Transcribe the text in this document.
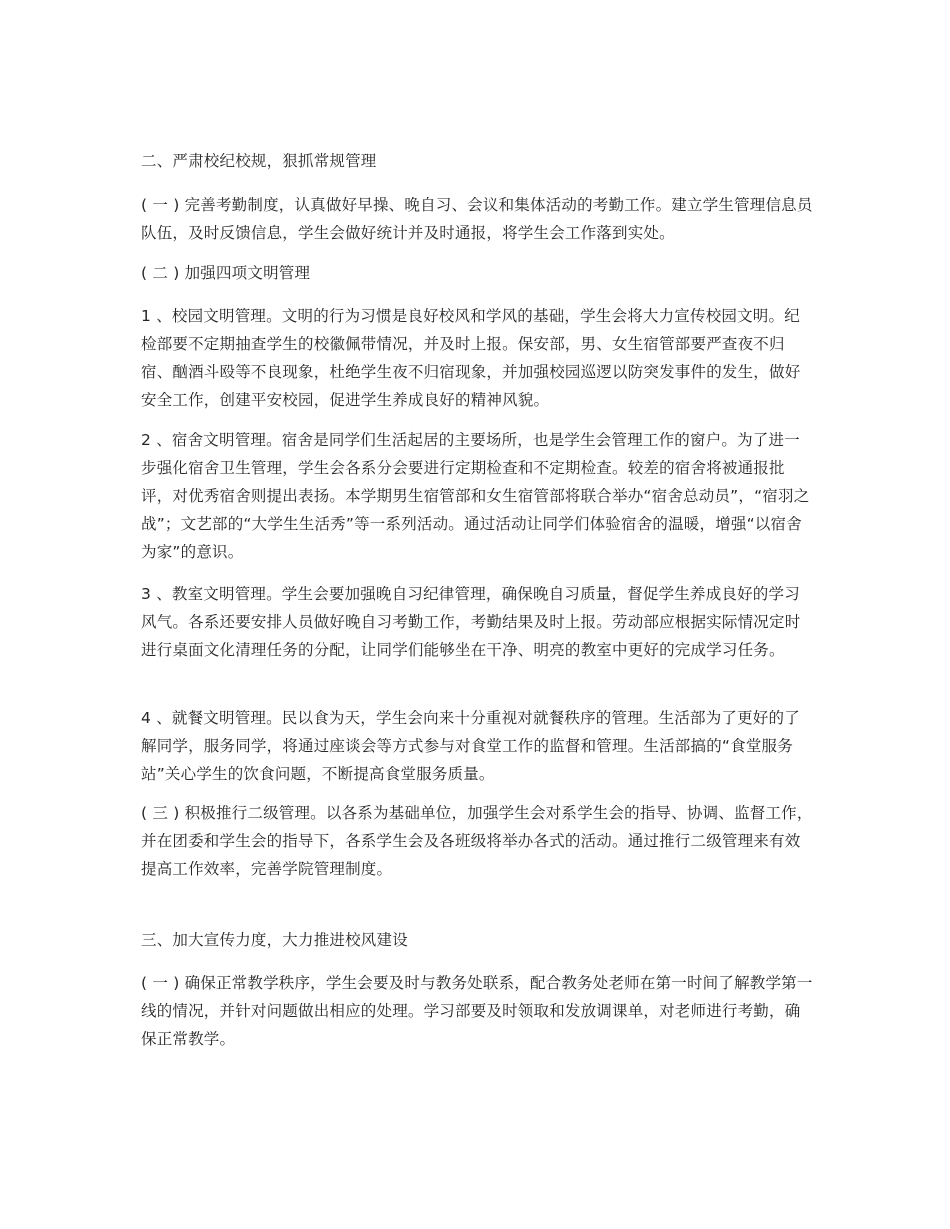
二、严肃校纪校规，狠抓常规管理
( 一 ) 完善考勤制度，认真做好早操、晚自习、会议和集体活动的考勤工作。建立学生管理信息员队伍，及时反馈信息，学生会做好统计并及时通报，将学生会工作落到实处。
( 二 ) 加强四项文明管理
1 、校园文明管理。文明的行为习惯是良好校风和学风的基础，学生会将大力宣传校园文明。纪检部要不定期抽查学生的校徽佩带情况，并及时上报。保安部，男、女生宿管部要严查夜不归宿、酗酒斗殴等不良现象，杜绝学生夜不归宿现象，并加强校园巡逻以防突发事件的发生，做好安全工作，创建平安校园，促进学生养成良好的精神风貌。
2 、宿舍文明管理。宿舍是同学们生活起居的主要场所，也是学生会管理工作的窗户。为了进一步强化宿舍卫生管理，学生会各系分会要进行定期检查和不定期检查。较差的宿舍将被通报批评，对优秀宿舍则提出表扬。本学期男生宿管部和女生宿管部将联合举办“宿舍总动员”，“宿羽之战”；文艺部的“大学生生活秀”等一系列活动。通过活动让同学们体验宿舍的温暖，增强“以宿舍为家”的意识。
3 、教室文明管理。学生会要加强晚自习纪律管理，确保晚自习质量，督促学生养成良好的学习风气。各系还要安排人员做好晚自习考勤工作，考勤结果及时上报。劳动部应根据实际情况定时进行桌面文化清理任务的分配，让同学们能够坐在干净、明亮的教室中更好的完成学习任务。
4 、就餐文明管理。民以食为天，学生会向来十分重视对就餐秩序的管理。生活部为了更好的了解同学，服务同学，将通过座谈会等方式参与对食堂工作的监督和管理。生活部搞的“食堂服务站”关心学生的饮食问题，不断提高食堂服务质量。
( 三 ) 积极推行二级管理。以各系为基础单位，加强学生会对系学生会的指导、协调、监督工作，并在团委和学生会的指导下，各系学生会及各班级将举办各式的活动。通过推行二级管理来有效提高工作效率，完善学院管理制度。
三、加大宣传力度，大力推进校风建设
( 一 ) 确保正常教学秩序，学生会要及时与教务处联系，配合教务处老师在第一时间了解教学第一线的情况，并针对问题做出相应的处理。学习部要及时领取和发放调课单，对老师进行考勤，确保正常教学。
